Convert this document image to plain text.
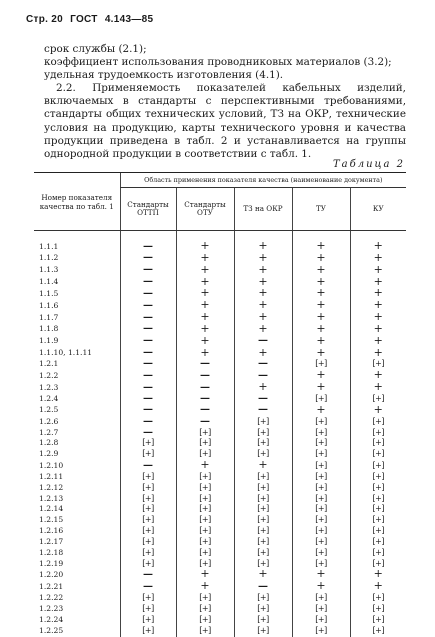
Стр. 20 ГОСТ 4.143—85
срок службы (2.1);
коэффициент использования проводниковых материалов (3.2);
удельная трудоемкость изготовления (4.1).
2.2. Применяемость показателей кабельных изделий, включаемых в стандарты с перспективными требованиями, стандарты общих технических условий, ТЗ на ОКР, технические условия на продукцию, карты технического уровня и качества продукции приведена в табл. 2 и устанавливается на группы однородной продукции в соответствии с табл. 1.
Таблица 2
Номер показателя качества по табл. 1	Область применения показателя качества (наименование документа)				
	Стандарты ОТТП	Стандарты ОТУ	ТЗ на ОКР	ТУ	КУ
1.1.1	—	+	+	+	+
1.1.2	—	+	+	+	+
1.1.3	—	+	+	+	+
1.1.4	—	+	+	+	+
1.1.5	—	+	+	+	+
1.1.6	—	+	+	+	+
1.1.7	—	+	+	+	+
1.1.8	—	+	+	+	+
1.1.9	—	+	—	+	+
1.1.10, 1.1.11	—	+	+	+	+
1.2.1	—	—	—	[+]	[+]
1.2.2	—	—	—	+	+
1.2.3	—	—	+	+	+
1.2.4	—	—	—	[+]	[+]
1.2.5	—	—	—	+	+
1.2.6	—	—	[+]	[+]	[+]
1.2.7	—	[+]	[+]	[+]	[+]
1.2.8	[+]	[+]	[+]	[+]	[+]
1.2.9	[+]	[+]	[+]	[+]	[+]
1.2.10	—	+	+	[+]	[+]
1.2.11	[+]	[+]	[+]	[+]	[+]
1.2.12	[+]	[+]	[+]	[+]	[+]
1.2.13	[+]	[+]	[+]	[+]	[+]
1.2.14	[+]	[+]	[+]	[+]	[+]
1.2.15	[+]	[+]	[+]	[+]	[+]
1.2.16	[+]	[+]	[+]	[+]	[+]
1.2.17	[+]	[+]	[+]	[+]	[+]
1.2.18	[+]	[+]	[+]	[+]	[+]
1.2.19	[+]	[+]	[+]	[+]	[+]
1.2.20	—	+	+	+	+
1.2.21	—	+	—	+	+
1.2.22	[+]	[+]	[+]	[+]	[+]
1.2.23	[+]	[+]	[+]	[+]	[+]
1.2.24	[+]	[+]	[+]	[+]	[+]
1.2.25	[+]	[+]	[+]	[+]	[+]
